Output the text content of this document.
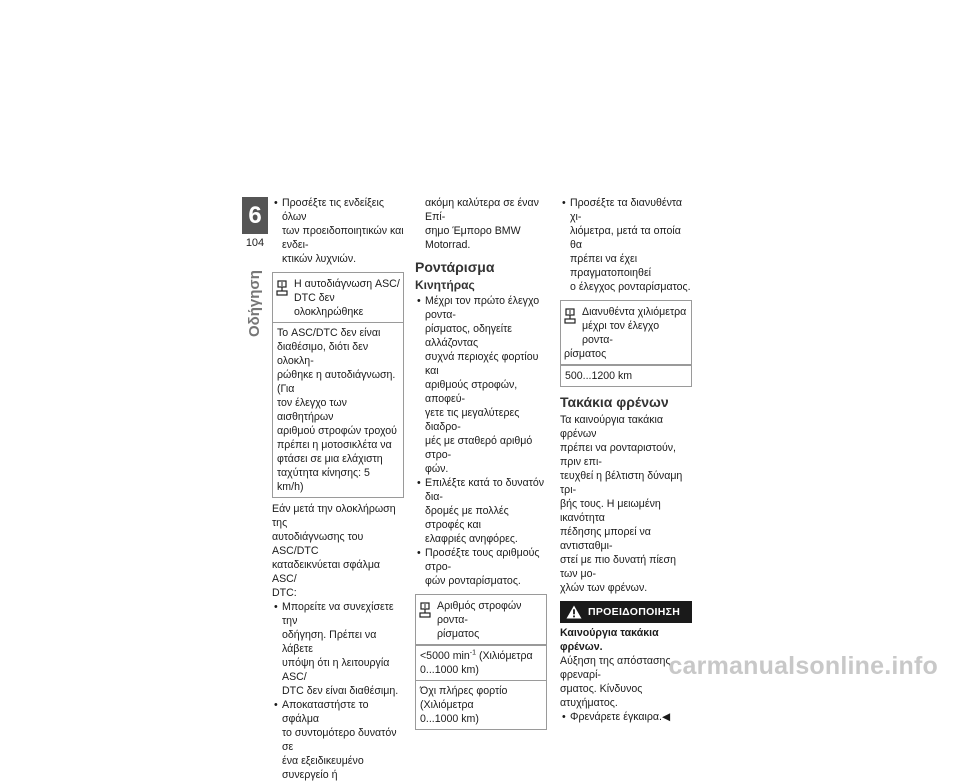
6
104
Οδήγηση
• Προσέξτε τις ενδείξεις όλων
των προειδοποιητικών και ενδει-
κτικών λυχνιών.
Η αυτοδιάγνωση ASC/
DTC δεν ολοκληρώθηκε
Το ASC/DTC δεν είναι
διαθέσιμο, διότι δεν ολοκλη-
ρώθηκε η αυτοδιάγνωση. (Για
τον έλεγχο των αισθητήρων
αριθμού στροφών τροχού
πρέπει η μοτοσικλέτα να
φτάσει σε μια ελάχιστη
ταχύτητα κίνησης: 5 km/h)

Εάν μετά την ολοκλήρωση της
αυτοδιάγνωσης του ASC/DTC
καταδεικνύεται σφάλμα ASC/
DTC:

• Μπορείτε να συνεχίσετε την
οδήγηση. Πρέπει να λάβετε
υπόψη ότι η λειτουργία ASC/
DTC δεν είναι διαθέσιμη.
• Αποκαταστήστε το σφάλμα
το συντομότερο δυνατόν σε
ένα εξειδικευμένο συνεργείο ή
ακόμη καλύτερα σε έναν Επί-
σημο Έμπορο BMW Motorrad.
Ροντάρισμα
Κινητήρας
• Μέχρι τον πρώτο έλεγχο ροντα-
ρίσματος, οδηγείτε αλλάζοντας
συχνά περιοχές φορτίου και
αριθμούς στροφών, αποφεύ-
γετε τις μεγαλύτερες διαδρο-
μές με σταθερό αριθμό στρο-
φών.
• Επιλέξτε κατά το δυνατόν δια-
δρομές με πολλές στροφές και
ελαφριές ανηφόρες.
• Προσέξτε τους αριθμούς στρο-
φών ρονταρίσματος.
Αριθμός στροφών ροντα-
ρίσματος
<5000 $\min^{-1} (X\iota\lambda\iota ό\mu\varepsilon\tau\rho\alpha$
0...1000 km)
Όχι πλήρες φορτίο (Χιλιόμετρα
0...1000 km)
• Προσέξτε τα διανυθέντα χι-
λιόμετρα, μετά τα οποία θα
πρέπει να έχει πραγματοποιηθεί
ο έλεγχος ρονταρίσματος.
Διανυθέντα χιλιόμετρα
μέχρι τον έλεγχο ροντα-
ρίσματος
500...1200 km
Τακάκια φρένων

Τα καινούργια τακάκια φρένων
πρέπει να ρονταριστούν, πριν επι-
τευχθεί η βέλτιστη δύναμη τρι-
βής τους. Η μειωμένη ικανότητα
πέδησης μπορεί να αντισταθμι-
στεί με πιο δυνατή πίεση των μο-
χλών των φρένων.

ΠΡΟΕΙΔΟΠΟΙΗΣΗ
Καινούργια τακάκια φρένων.
Αύξηση της απόστασης φρεναρί-
σματος. Κίνδυνος ατυχήματος.
• Φρενάρετε έγκαιρα.◀
carmanualsonline.info
